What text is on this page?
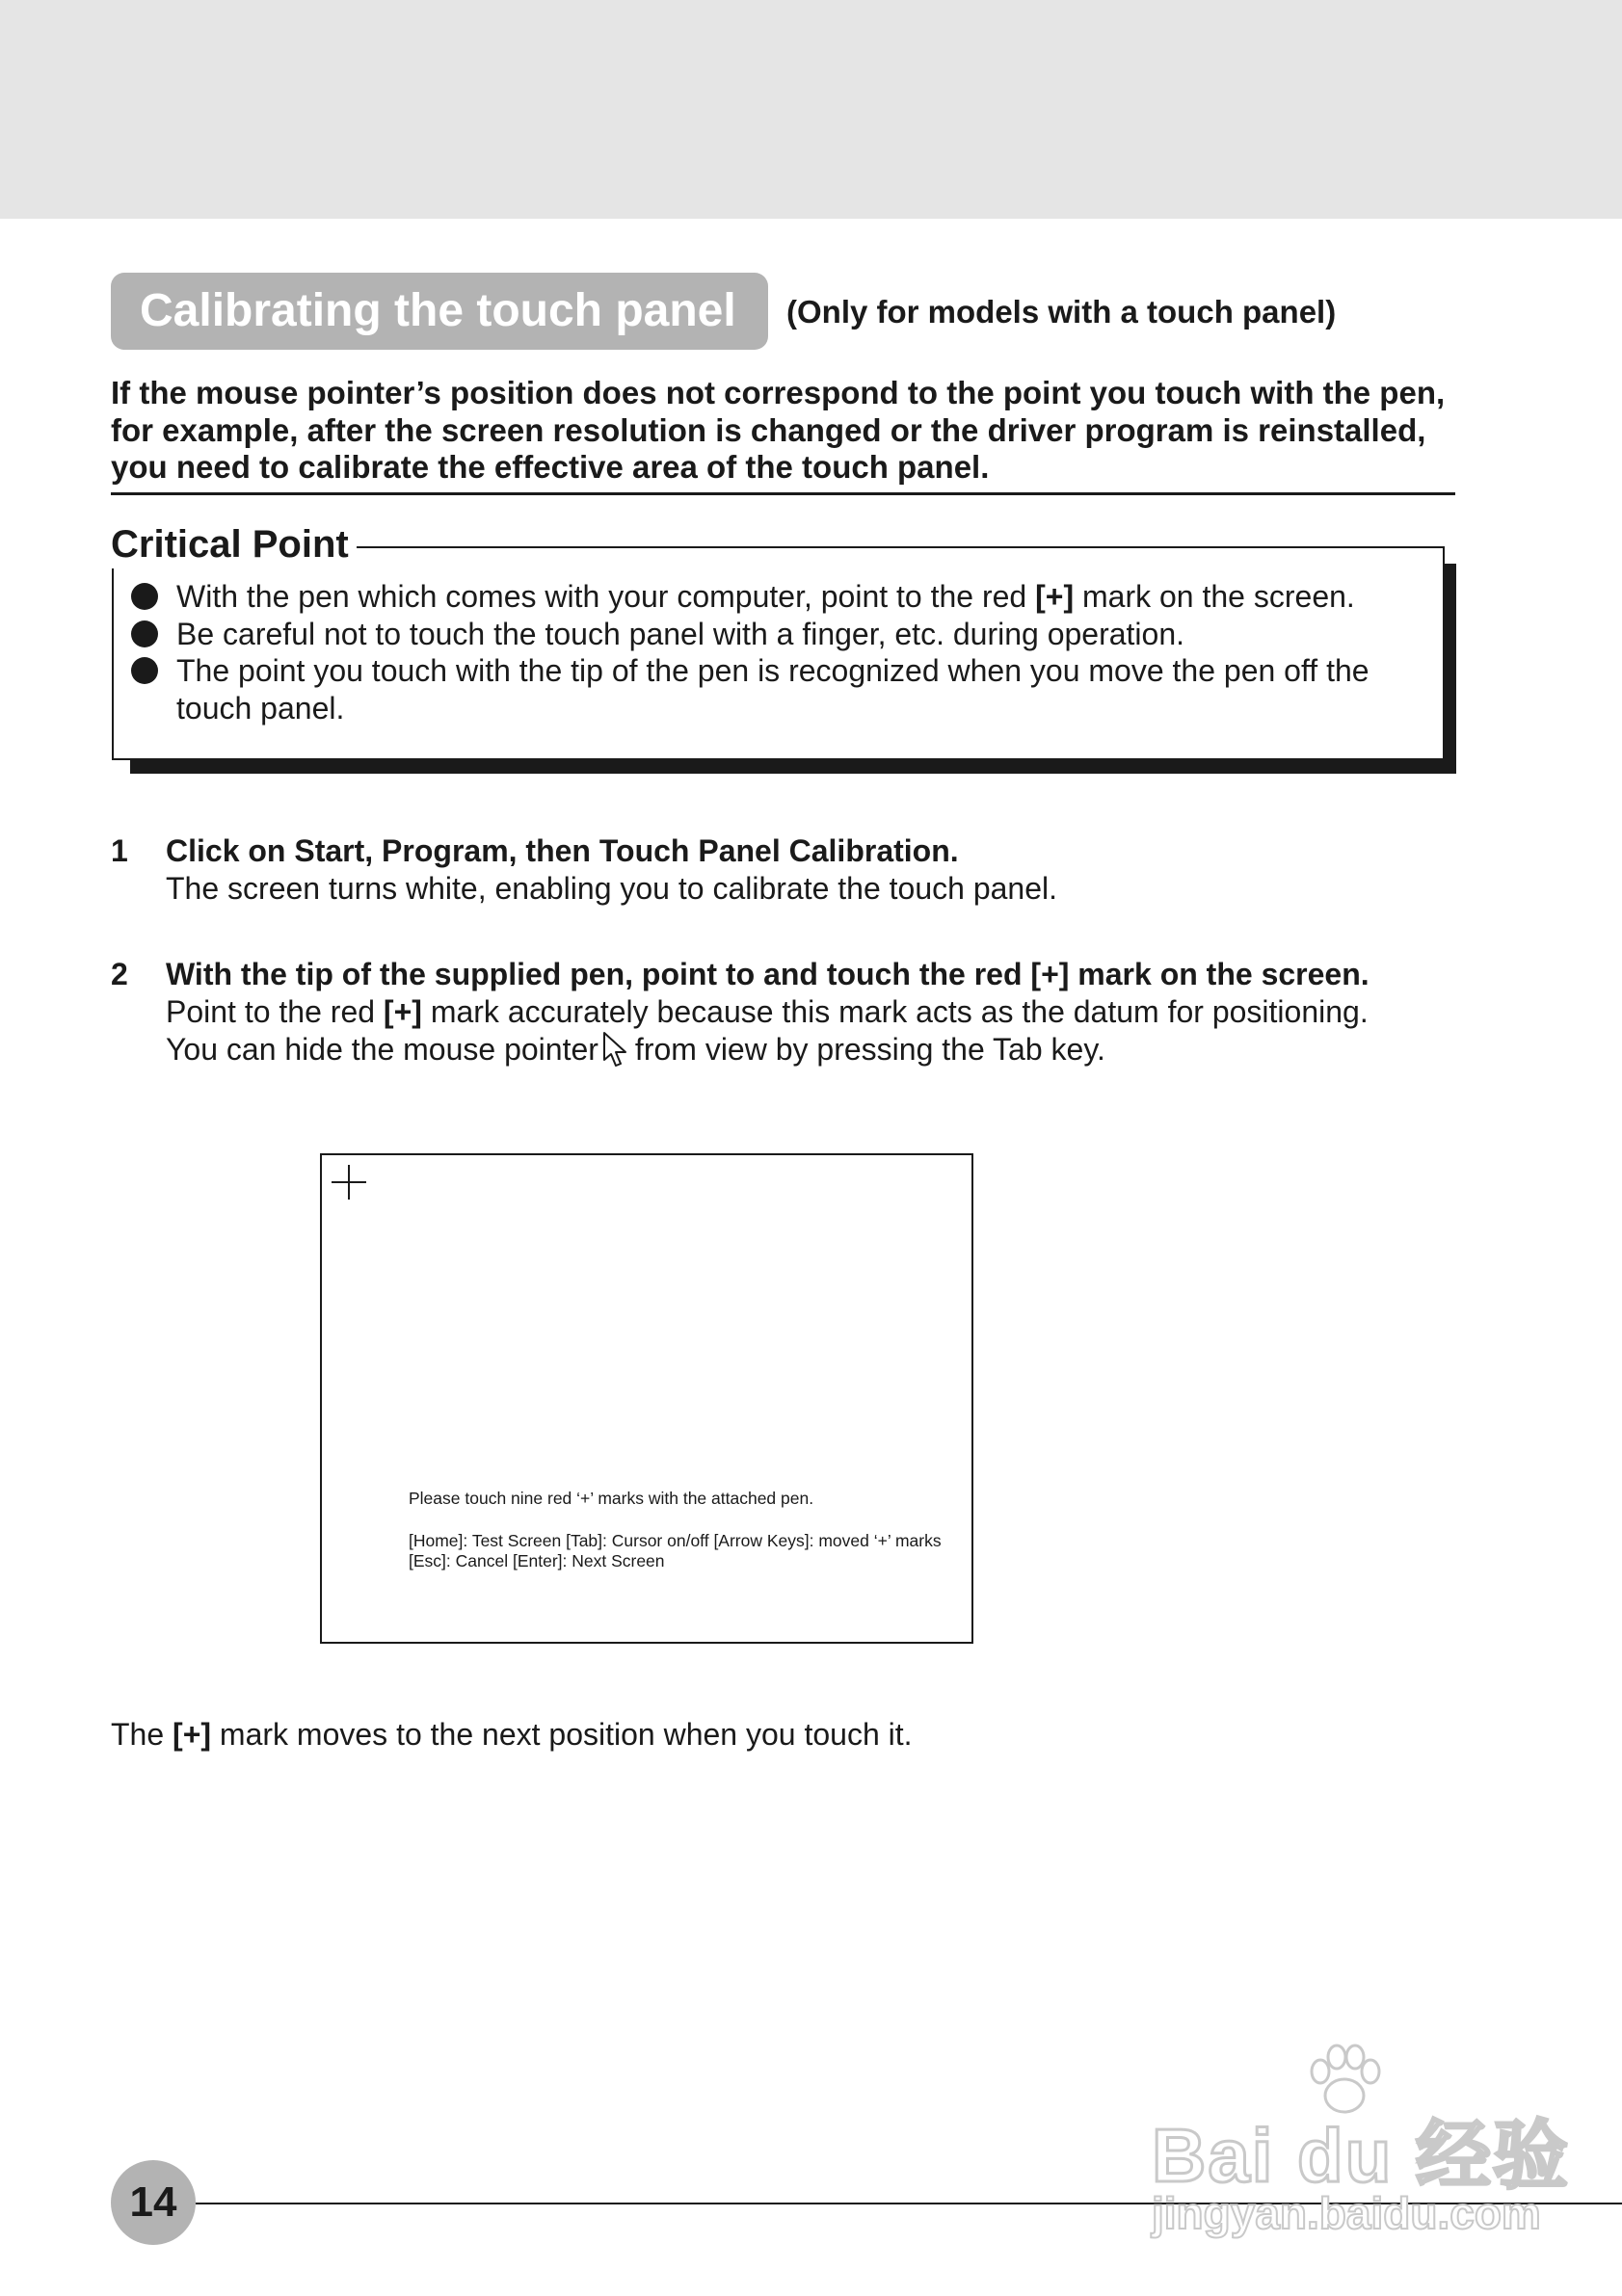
Calibrating the touch panel	(Only for models with a touch panel)
If the mouse pointer’s position does not correspond to the point you touch with the pen, for example, after the screen resolution is changed or the driver program is reinstalled, you need to calibrate the effective area of the touch panel.
Critical Point
With the pen which comes with your computer, point to the red [+] mark on the screen.
Be careful not to touch the touch panel with a finger, etc. during operation.
The point you touch with the tip of the pen is recognized when you move the pen off the touch panel.
1 Click on Start, Program, then Touch Panel Calibration.
The screen turns white, enabling you to calibrate the touch panel.
2 With the tip of the supplied pen, point to and touch the red [+] mark on the screen.
Point to the red [+] mark accurately because this mark acts as the datum for positioning.
You can hide the mouse pointer from view by pressing the Tab key.
Please touch nine red ‘+’ marks with the attached pen.
[Home]: Test Screen [Tab]: Cursor on/off [Arrow Keys]: moved ‘+’ marks
[Esc]: Cancel [Enter]: Next Screen
The [+] mark moves to the next position when you touch it.
14
Bai du 经验
jingyan.baidu.com
